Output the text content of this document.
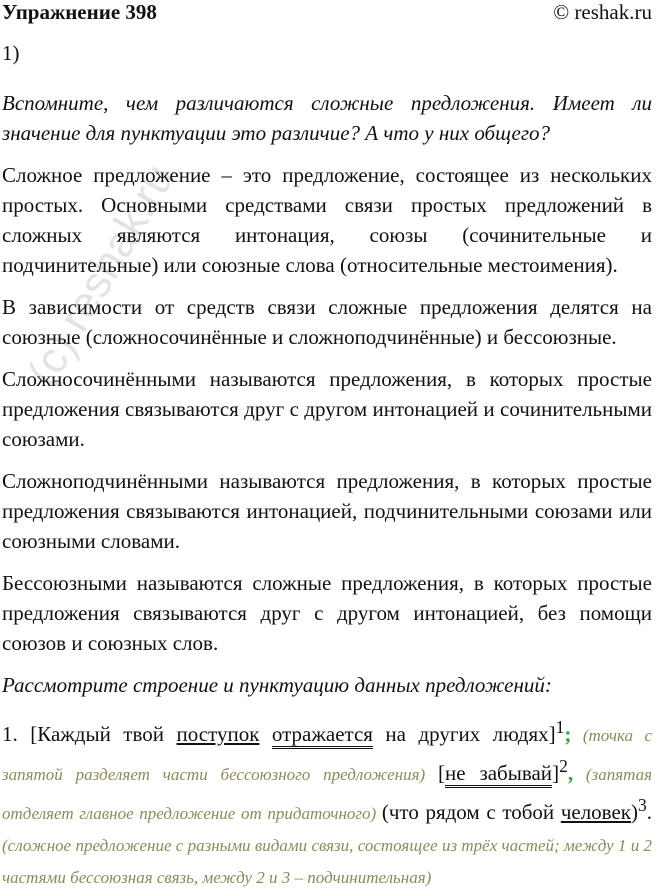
Упражнение 398	© reshak.ru
(c) reshak.ru
1)

Вспомните, чем различаются сложные предложения. Имеет ли значение для пунктуации это различие? А что у них общего?

Сложное предложение – это предложение, состоящее из нескольких простых. Основными средствами связи простых предложений в сложных являются интонация, союзы (сочинительные и подчинительные) или союзные слова (относительные местоимения).

В зависимости от средств связи сложные предложения делятся на союзные (сложносочинённые и сложноподчинённые) и бессоюзные.

Сложносочинёнными называются предложения, в которых простые предложения связываются друг с другом интонацией и сочинительными союзами.

Сложноподчинёнными называются предложения, в которых простые предложения связываются интонацией, подчинительными союзами или союзными словами.

Бессоюзными называются сложные предложения, в которых простые предложения связываются друг с другом интонацией, без помощи союзов и союзных слов.

Рассмотрите строение и пунктуацию данных предложений:

1. [Каждый твой поступок отражается на других людях]$^1$; (точка с запятой разделяет части бессоюзного предложения) [не забывай]$^2$, (запятая отделяет главное предложение от придаточного) (что рядом с тобой человек)$^3$. (сложное предложение с разными видами связи, состоящее из трёх частей; между 1 и 2 частями бессоюзная связь, между 2 и 3 – подчинительная)
